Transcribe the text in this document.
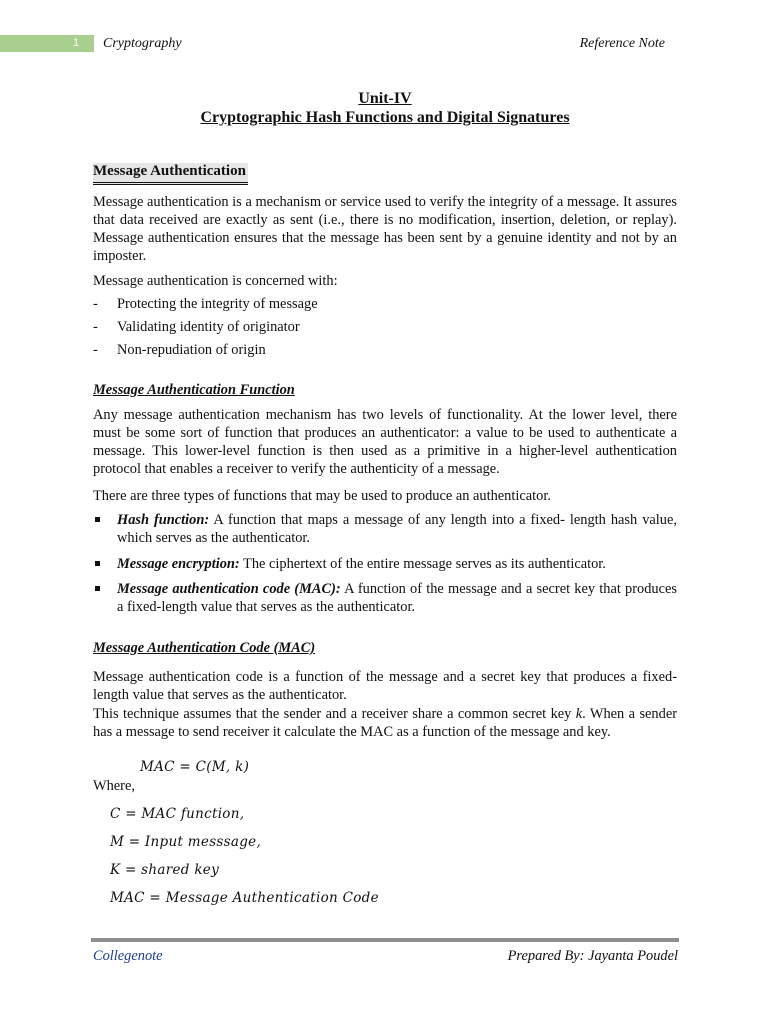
1 Cryptography	Reference Note
Unit-IV
Cryptographic Hash Functions and Digital Signatures
Message Authentication

Message authentication is a mechanism or service used to verify the integrity of a message. It assures that data received are exactly as sent (i.e., there is no modification, insertion, deletion, or replay). Message authentication ensures that the message has been sent by a genuine identity and not by an imposter.

Message authentication is concerned with:

- Protecting the integrity of message
- Validating identity of originator
- Non-repudiation of origin
Message Authentication Function

Any message authentication mechanism has two levels of functionality. At the lower level, there must be some sort of function that produces an authenticator: a value to be used to authenticate a message. This lower-level function is then used as a primitive in a higher-level authentication protocol that enables a receiver to verify the authenticity of a message.

There are three types of functions that may be used to produce an authenticator.

Hash function: A function that maps a message of any length into a fixed- length hash value, which serves as the authenticator.
Message encryption: The ciphertext of the entire message serves as its authenticator.
Message authentication code (MAC): A function of the message and a secret key that produces a fixed-length value that serves as the authenticator.
Message Authentication Code (MAC)

Message authentication code is a function of the message and a secret key that produces a fixed-length value that serves as the authenticator.

This technique assumes that the sender and a receiver share a common secret key k. When a sender has a message to send receiver it calculate the MAC as a function of the message and key.

MAC = C(M, k)
Where,
C = MAC function,
M = Input messsage,
K = shared key
MAC = Message Authentication Code
Collegenote	Prepared By: Jayanta Poudel
